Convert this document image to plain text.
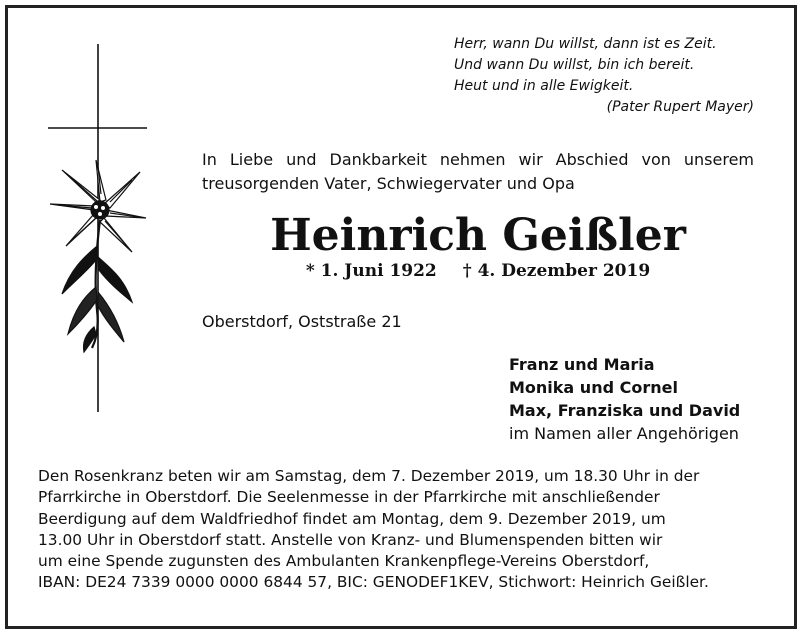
Herr, wann Du willst, dann ist es Zeit.
Und wann Du willst, bin ich bereit.
Heut und in alle Ewigkeit.
(Pater Rupert Mayer)
In Liebe und Dankbarkeit nehmen wir Abschied von unserem treusorgenden Vater, Schwiegervater und Opa
Heinrich Geißler
* 1. Juni 1922 † 4. Dezember 2019
Oberstdorf, Oststraße 21
Franz und Maria
Monika und Cornel
Max, Franziska und David
im Namen aller Angehörigen
Den Rosenkranz beten wir am Samstag, dem 7. Dezember 2019, um 18.30 Uhr in der
Pfarrkirche in Oberstdorf. Die Seelenmesse in der Pfarrkirche mit anschließender
Beerdigung auf dem Waldfriedhof findet am Montag, dem 9. Dezember 2019, um
13.00 Uhr in Oberstdorf statt. Anstelle von Kranz- und Blumenspenden bitten wir
um eine Spende zugunsten des Ambulanten Krankenpflege-Vereins Oberstdorf,
IBAN: DE24 7339 0000 0000 6844 57, BIC: GENODEF1KEV, Stichwort: Heinrich Geißler.
